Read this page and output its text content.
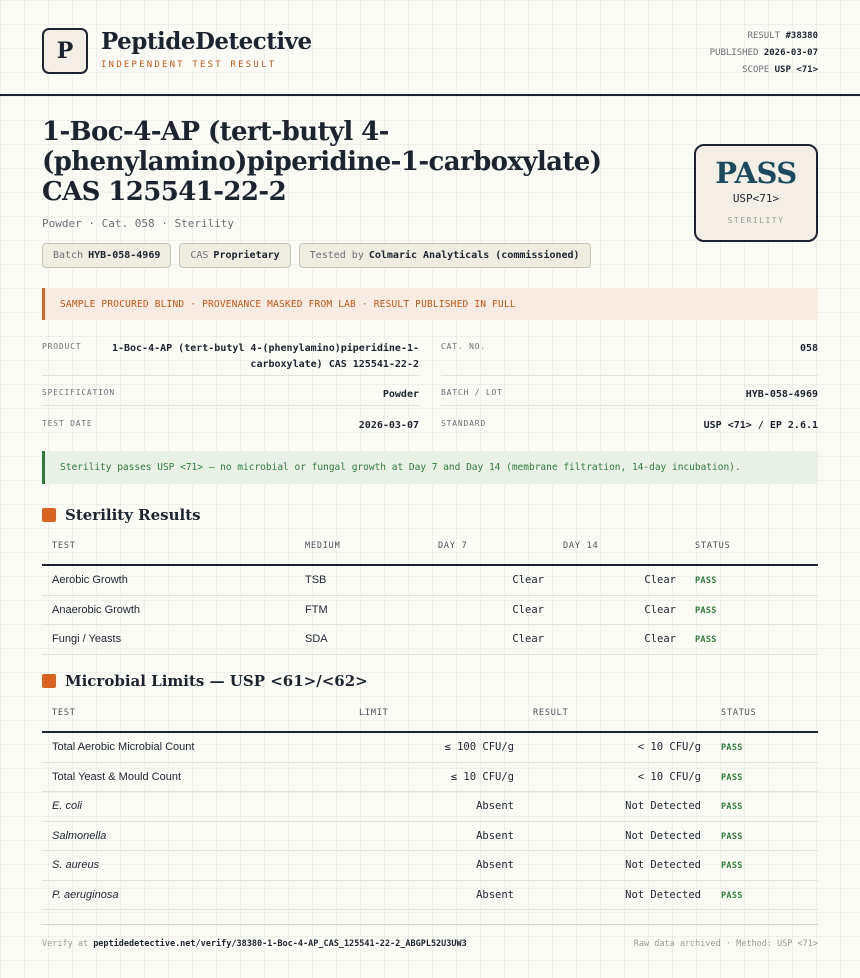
P	PeptideDetective
INDEPENDENT TEST RESULT
RESULT #38380
PUBLISHED 2026-03-07
SCOPE USP <71>
1-Boc-4-AP (tert-butyl 4-(phenylamino)piperidine-1-carboxylate) CAS 125541-22-2
Powder · Cat. 058 · Sterility
Batch HYB-058-4969	CAS Proprietary	Tested by Colmaric Analyticals (commissioned)
PASS
USP<71>
STERILITY
SAMPLE PROCURED BLIND · PROVENANCE MASKED FROM LAB · RESULT PUBLISHED IN FULL
PRODUCT	1-Boc-4-AP (tert-butyl 4-(phenylamino)piperidine-1-
carboxylate) CAS 125541-22-2
SPECIFICATION	Powder
TEST DATE	2026-03-07
CAT. NO.	058
BATCH / LOT	HYB-058-4969
STANDARD	USP <71> / EP 2.6.1
Sterility passes USP <71> — no microbial or fungal growth at Day 7 and Day 14 (membrane filtration, 14-day incubation).
Sterility Results
TEST	MEDIUM	DAY 7	DAY 14	STATUS
Aerobic Growth	TSB	Clear	Clear PASS
Anaerobic Growth	FTM	Clear	Clear PASS
Fungi / Yeasts	SDA	Clear	Clear PASS
Microbial Limits — USP <61>/<62>
TEST	LIMIT	RESULT	STATUS
Total Aerobic Microbial Count	≤ 100 CFU/g	< 10 CFU/g PASS
Total Yeast & Mould Count	≤ 10 CFU/g	< 10 CFU/g PASS
E. coli	Absent	Not Detected PASS
Salmonella	Absent	Not Detected PASS
S. aureus	Absent	Not Detected PASS
P. aeruginosa	Absent	Not Detected PASS
Verify at peptidedetective.net/verify/38380-1-Boc-4-AP_CAS_125541-22-2_ABGPL52U3UW3	Raw data archived · Method: USP <71>
